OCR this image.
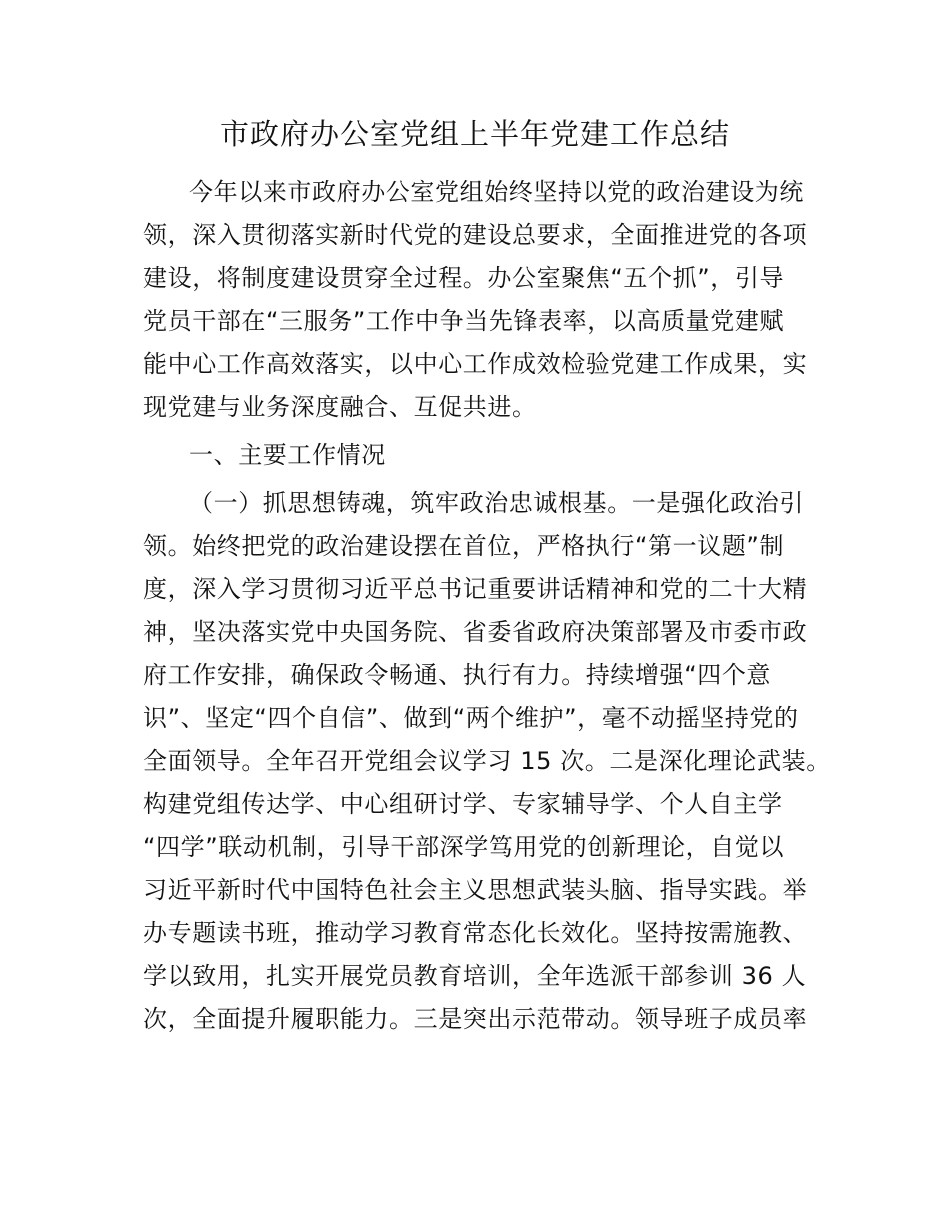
市政府办公室党组上半年党建工作总结
今年以来市政府办公室党组始终坚持以党的政治建设为统
领，深入贯彻落实新时代党的建设总要求，全面推进党的各项
建设，将制度建设贯穿全过程。办公室聚焦“五个抓”，引导
党员干部在“三服务”工作中争当先锋表率，以高质量党建赋
能中心工作高效落实，以中心工作成效检验党建工作成果，实
现党建与业务深度融合、互促共进。
一、主要工作情况
（一）抓思想铸魂，筑牢政治忠诚根基。一是强化政治引
领。始终把党的政治建设摆在首位，严格执行“第一议题”制
度，深入学习贯彻习近平总书记重要讲话精神和党的二十大精
神，坚决落实党中央国务院、省委省政府决策部署及市委市政
府工作安排，确保政令畅通、执行有力。持续增强“四个意
识”、坚定“四个自信”、做到“两个维护”，毫不动摇坚持党的
全面领导。全年召开党组会议学习 15 次。二是深化理论武装。
构建党组传达学、中心组研讨学、专家辅导学、个人自主学
“四学”联动机制，引导干部深学笃用党的创新理论，自觉以
习近平新时代中国特色社会主义思想武装头脑、指导实践。举
办专题读书班，推动学习教育常态化长效化。坚持按需施教、
学以致用，扎实开展党员教育培训，全年选派干部参训 36 人
次，全面提升履职能力。三是突出示范带动。领导班子成员率
